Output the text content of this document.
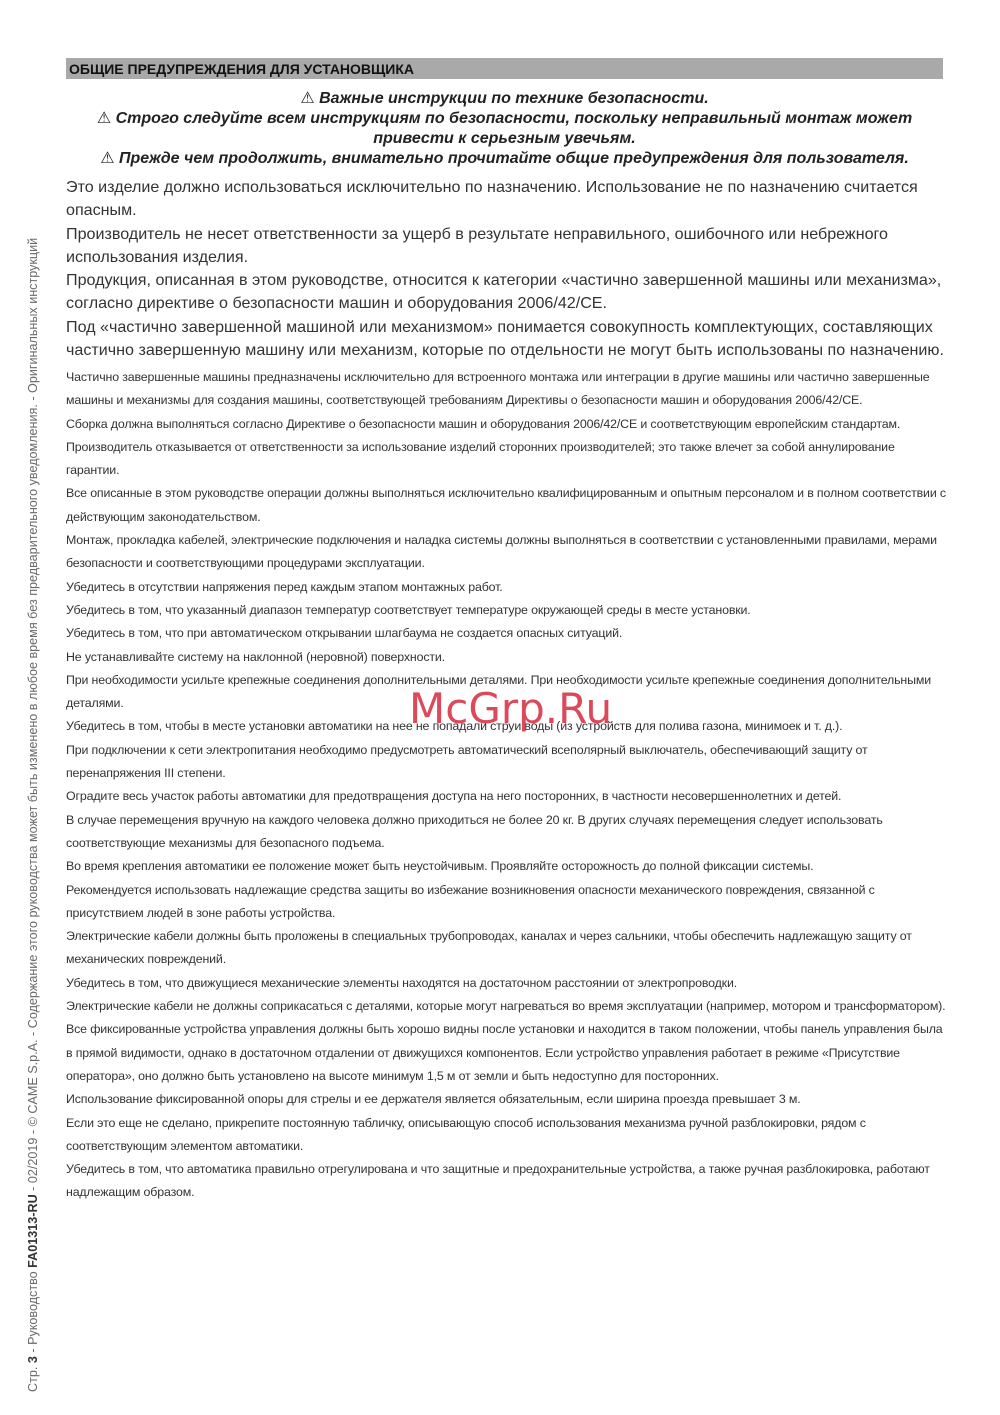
Стр. 3 - Руководство FA01313-RU - 02/2019 - © CAME S.p.A. - Содержание этого руководства может быть изменено в любое время без предварительного уведомления. - Оригинальных инструкций
ОБЩИЕ ПРЕДУПРЕЖДЕНИЯ ДЛЯ УСТАНОВЩИКА

⚠ Важные инструкции по технике безопасности.

⚠ Строго следуйте всем инструкциям по безопасности, поскольку неправильный монтаж может привести к серьезным увечьям.

⚠ Прежде чем продолжить, внимательно прочитайте общие предупреждения для пользователя.

Это изделие должно использоваться исключительно по назначению. Использование не по назначению считается опасным.

Производитель не несет ответственности за ущерб в результате неправильного, ошибочного или небрежного использования изделия.

Продукция, описанная в этом руководстве, относится к категории «частично завершенной машины или механизма», согласно директиве о безопасности машин и оборудования 2006/42/CE.

Под «частично завершенной машиной или механизмом» понимается совокупность комплектующих, составляющих частично завершенную машину или механизм, которые по отдельности не могут быть использованы по назначению.

Частично завершенные машины предназначены исключительно для встроенного монтажа или интеграции в другие машины или частично завершенные машины и механизмы для создания машины, соответствующей требованиям Директивы о безопасности машин и оборудования 2006/42/CE.

Сборка должна выполняться согласно Директиве о безопасности машин и оборудования 2006/42/CE и соответствующим европейским стандартам.

Производитель отказывается от ответственности за использование изделий сторонних производителей; это также влечет за собой аннулирование гарантии.

Все описанные в этом руководстве операции должны выполняться исключительно квалифицированным и опытным персоналом и в полном соответствии с действующим законодательством.

Монтаж, прокладка кабелей, электрические подключения и наладка системы должны выполняться в соответствии с установленными правилами, мерами безопасности и соответствующими процедурами эксплуатации.

Убедитесь в отсутствии напряжения перед каждым этапом монтажных работ.

Убедитесь в том, что указанный диапазон температур соответствует температуре окружающей среды в месте установки.

Убедитесь в том, что при автоматическом открывании шлагбаума не создается опасных ситуаций.

Не устанавливайте систему на наклонной (неровной) поверхности.

При необходимости усильте крепежные соединения дополнительными деталями. При необходимости усильте крепежные соединения дополнительными деталями.

Убедитесь в том, чтобы в месте установки автоматики на нее не попадали струи воды (из устройств для полива газона, минимоек и т. д.).

При подключении к сети электропитания необходимо предусмотреть автоматический всеполярный выключатель, обеспечивающий защиту от перенапряжения III степени.

Оградите весь участок работы автоматики для предотвращения доступа на него посторонних, в частности несовершеннолетних и детей.

В случае перемещения вручную на каждого человека должно приходиться не более 20 кг. В других случаях перемещения следует использовать соответствующие механизмы для безопасного подъема.

Во время крепления автоматики ее положение может быть неустойчивым. Проявляйте осторожность до полной фиксации системы.

Рекомендуется использовать надлежащие средства защиты во избежание возникновения опасности механического повреждения, связанной с присутствием людей в зоне работы устройства.

Электрические кабели должны быть проложены в специальных трубопроводах, каналах и через сальники, чтобы обеспечить надлежащую защиту от механических повреждений.

Убедитесь в том, что движущиеся механические элементы находятся на достаточном расстоянии от электропроводки.

Электрические кабели не должны соприкасаться с деталями, которые могут нагреваться во время эксплуатации (например, мотором и трансформатором).

Все фиксированные устройства управления должны быть хорошо видны после установки и находится в таком положении, чтобы панель управления была в прямой видимости, однако в достаточном отдалении от движущихся компонентов. Если устройство управления работает в режиме «Присутствие оператора», оно должно быть установлено на высоте минимум 1,5 м от земли и быть недоступно для посторонних.

Использование фиксированной опоры для стрелы и ее держателя является обязательным, если ширина проезда превышает 3 м.

Если это еще не сделано, прикрепите постоянную табличку, описывающую способ использования механизма ручной разблокировки, рядом с соответствующим элементом автоматики.

Убедитесь в том, что автоматика правильно отрегулирована и что защитные и предохранительные устройства, а также ручная разблокировка, работают надлежащим образом.

McGrp.Ru
